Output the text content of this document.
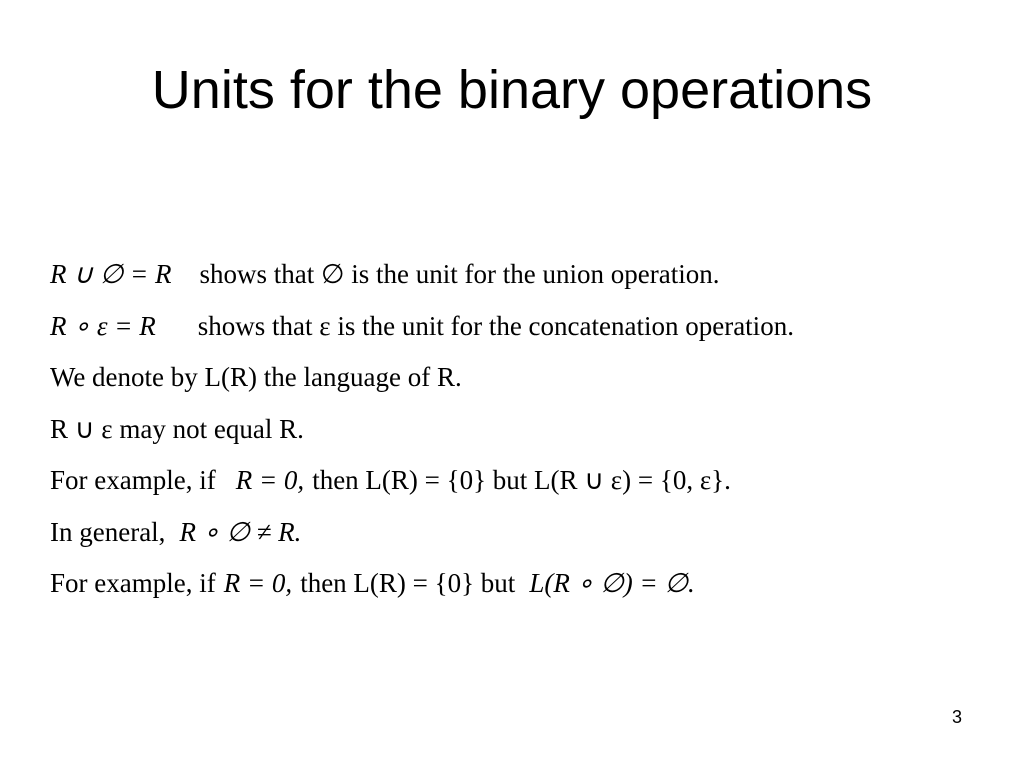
Units for the binary operations
R ∪ ∅ = R shows that ∅ is the unit for the union operation.
R ∘ ε = R shows that ε is the unit for the concatenation operation.
We denote by L(R) the language of R.
R ∪ ε may not equal R.
For example, if R = 0, then L(R) = {0} but L(R ∪ ε) = {0, ε}.
In general, R ∘ ∅ ≠ R.
For example, if R = 0, then L(R) = {0} but L(R ∘ ∅) = ∅.
3
